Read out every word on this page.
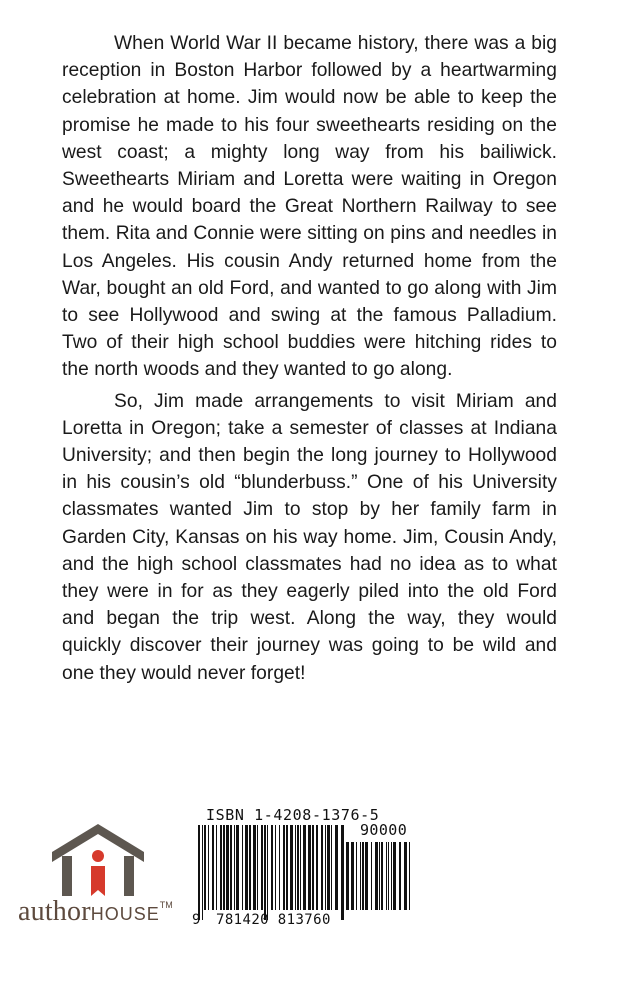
When World War II became history, there was a big reception in Boston Harbor followed by a heartwarming celebration at home. Jim would now be able to keep the promise he made to his four sweethearts residing on the west coast; a mighty long way from his bailiwick. Sweethearts Miriam and Loretta were waiting in Oregon and he would board the Great Northern Railway to see them. Rita and Connie were sitting on pins and needles in Los Angeles. His cousin Andy returned home from the War, bought an old Ford, and wanted to go along with Jim to see Hollywood and swing at the famous Palladium. Two of their high school buddies were hitching rides to the north woods and they wanted to go along.

So, Jim made arrangements to visit Miriam and Loretta in Oregon; take a semester of classes at Indiana University; and then begin the long journey to Hollywood in his cousin’s old “blunderbuss.” One of his University classmates wanted Jim to stop by her family farm in Garden City, Kansas on his way home. Jim, Cousin Andy, and the high school classmates had no idea as to what they were in for as they eagerly piled into the old Ford and began the trip west. Along the way, they would quickly discover their journey was going to be wild and one they would never forget!

authorHOUSE™
ISBN 1-4208-1376-5
90000
9 781420 813760
